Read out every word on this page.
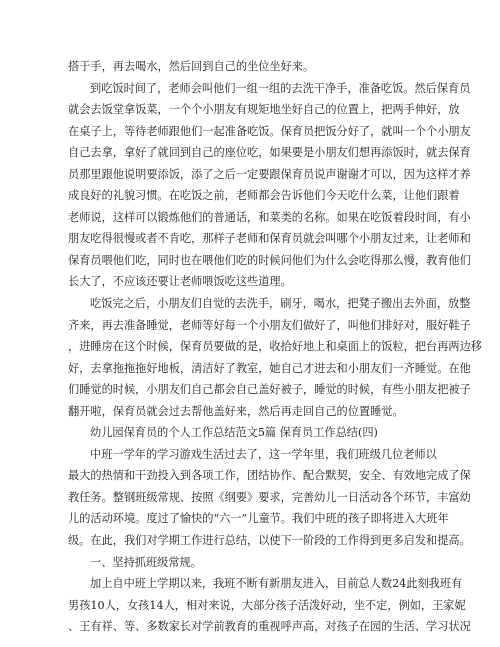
搭于手，再去喝水，然后回到自己的坐位坐好来。
到吃饭时间了，老师会叫他们一组一组的去洗干净手，准备吃饭。然后保育员
就会去饭堂拿饭菜，一个个小朋友有规矩地坐好自己的位置上，把两手伸好，放
在桌子上，等待老师跟他们一起准备吃饭。保育员把饭分好了，就叫一个个小朋友
自己去拿，拿好了就回到自己的座位吃，如果要是小朋友们想再添饭时，就去保育
员那里跟他说明要添饭，添了之后一定要跟保育员说声谢谢才可以，因为这样才养
成良好的礼貌习惯。在吃饭之前，老师都会告诉他们今天吃什么菜，让他们跟着
老师说，这样可以锻炼他们的普通话，和菜类的名称。如果在吃饭着段时间，有小
朋友吃得很慢或者不肯吃，那样子老师和保育员就会叫哪个小朋友过来，让老师和
保育员喂他们吃，同时也在喂他们吃的时候问他们为什么会吃得那么慢，教育他们
长大了，不应该还要让老师喂饭吃这些道理。
吃饭完之后，小朋友们自觉的去洗手，刷牙，喝水，把凳子搬出去外面，放整
齐来，再去准备睡觉，老师等好每一个小朋友们做好了，叫他们排好对，服好鞋子
，进睡房在这个时候，保育员要做的是，收拾好地上和桌面上的饭粒，把台再两边移
好，去拿拖拖拖好地板，清洁好了教室，她自己才进去和小朋友们一齐睡觉。在他
们睡觉的时候，小朋友们自己都会自己盖好被子，睡觉的时候，有些小朋友把被子
翻开啦，保育员就会过去帮他盖好来，然后再走回自己的位置睡觉。
幼儿园保育员的个人工作总结范文5篇 保育员工作总结(四)
中班一学年的学习游戏生活过去了，这一学年里，我们班级几位老师以
最大的热情和干劲投入到各项工作，团结协作、配合默契，安全、有效地完成了保
教任务。整钢班级常规、按照《纲要》要求，完善幼儿一日活动各个环节，丰富幼
儿的活动环境。度过了愉快的“六一”儿童节。我们中班的孩子即将进入大班年
级。在此，我们对学期工作进行总结，以使下一阶段的工作得到更多启发和提高。
一、坚持抓班级常规。
加上自中班上学期以来，我班不断有新朋友进入，目前总人数24此刻我班有
男孩10人，女孩14人，相对来说，大部分孩子活泼好动，坐不定，例如，王家妮
、王有祥、等、多数家长对学前教育的重视呼声高，对孩子在园的生活、学习状况
